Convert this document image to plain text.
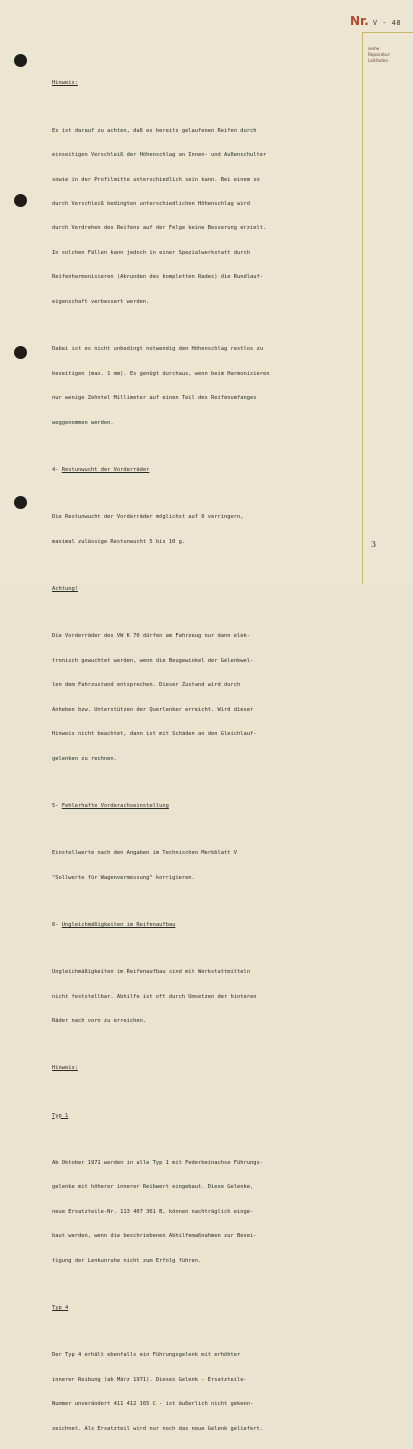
Nr. V - 48
siehe
Reparatur-
Leitfaden

Hinweis:

Es ist darauf zu achten, daß es bereits gelaufenen Reifen durch

einseitigen Verschleiß der Höhenschlag an Innen- und Außenschulter

sowie in der Profilmitte unterschiedlich sein kann. Bei einem so

durch Verschleiß bedingten unterschiedlichen Höhenschlag wird

durch Verdrehen des Reifens auf der Felge keine Besserung erzielt.

In solchen Fällen kann jedoch in einer Spezialwerkstatt durch

Reifenharmonisieren (Abrunden des kompletten Rades) die Rundlauf-

eigenschaft verbessert werden.

Dabei ist es nicht unbedingt notwendig den Höhenschlag restlos zu

beseitigen (max. 1 mm). Es genügt durchaus, wenn beim Harmonisieren

nur wenige Zehntel Millimeter auf einen Teil des Reifenumfanges

weggenommen werden.

4- Restunwucht der Vorderräder

Die Restunwucht der Vorderräder möglichst auf 0 verringern,

maximal zulässige Restunwucht 5 bis 10 g.

Achtung!

Die Vorderräder des VW K 70 dürfen am Fahrzeug nur dann elek-

tronisch gewuchtet werden, wenn die Beugewinkel der Gelenkwel-

len dem Fahrzustand entsprechen. Dieser Zustand wird durch

Anheben bzw. Unterstützen der Querlenker erreicht. Wird dieser

Hinweis nicht beachtet, dann ist mit Schäden an den Gleichlauf-

gelenken zu rechnen.

5- Fehlerhafte Vorderachseinstellung

Einstellwerte nach den Angaben im Technischen Merkblatt V

"Sollwerte für Wagenvermessung" korrigieren.

6- Ungleichmäßigkeiten im Reifenaufbau

Ungleichmäßigkeiten im Reifenaufbau sind mit Werkstattmitteln

nicht feststellbar. Abhilfe ist oft durch Umsetzen der hinteren

Räder nach vorn zu erreichen.

Hinweis:

Typ 1

Ab Oktober 1971 werden in alle Typ 1 mit Federbeinachse Führungs-

gelenke mit höherer innerer Reibwert eingebaut. Diese Gelenke,

neue Ersatzteile-Nr. 113 407 361 B, können nachträglich einge-

baut werden, wenn die beschriebenen Abhilfemaßnahmen zur Besei-

tigung der Lenkunruhe nicht zum Erfolg führen.

Typ 4

Der Typ 4 erhält ebenfalls ein Führungsgelenk mit erhöhter

innerer Reibung (ab März 1971). Dieses Gelenk - Ersatzteile-

Nummer unverändert 411 412 165 C - ist äußerlich nicht gekenn-

zeichnet. Als Ersatzteil wird nur noch das neue Gelenk geliefert.

3
